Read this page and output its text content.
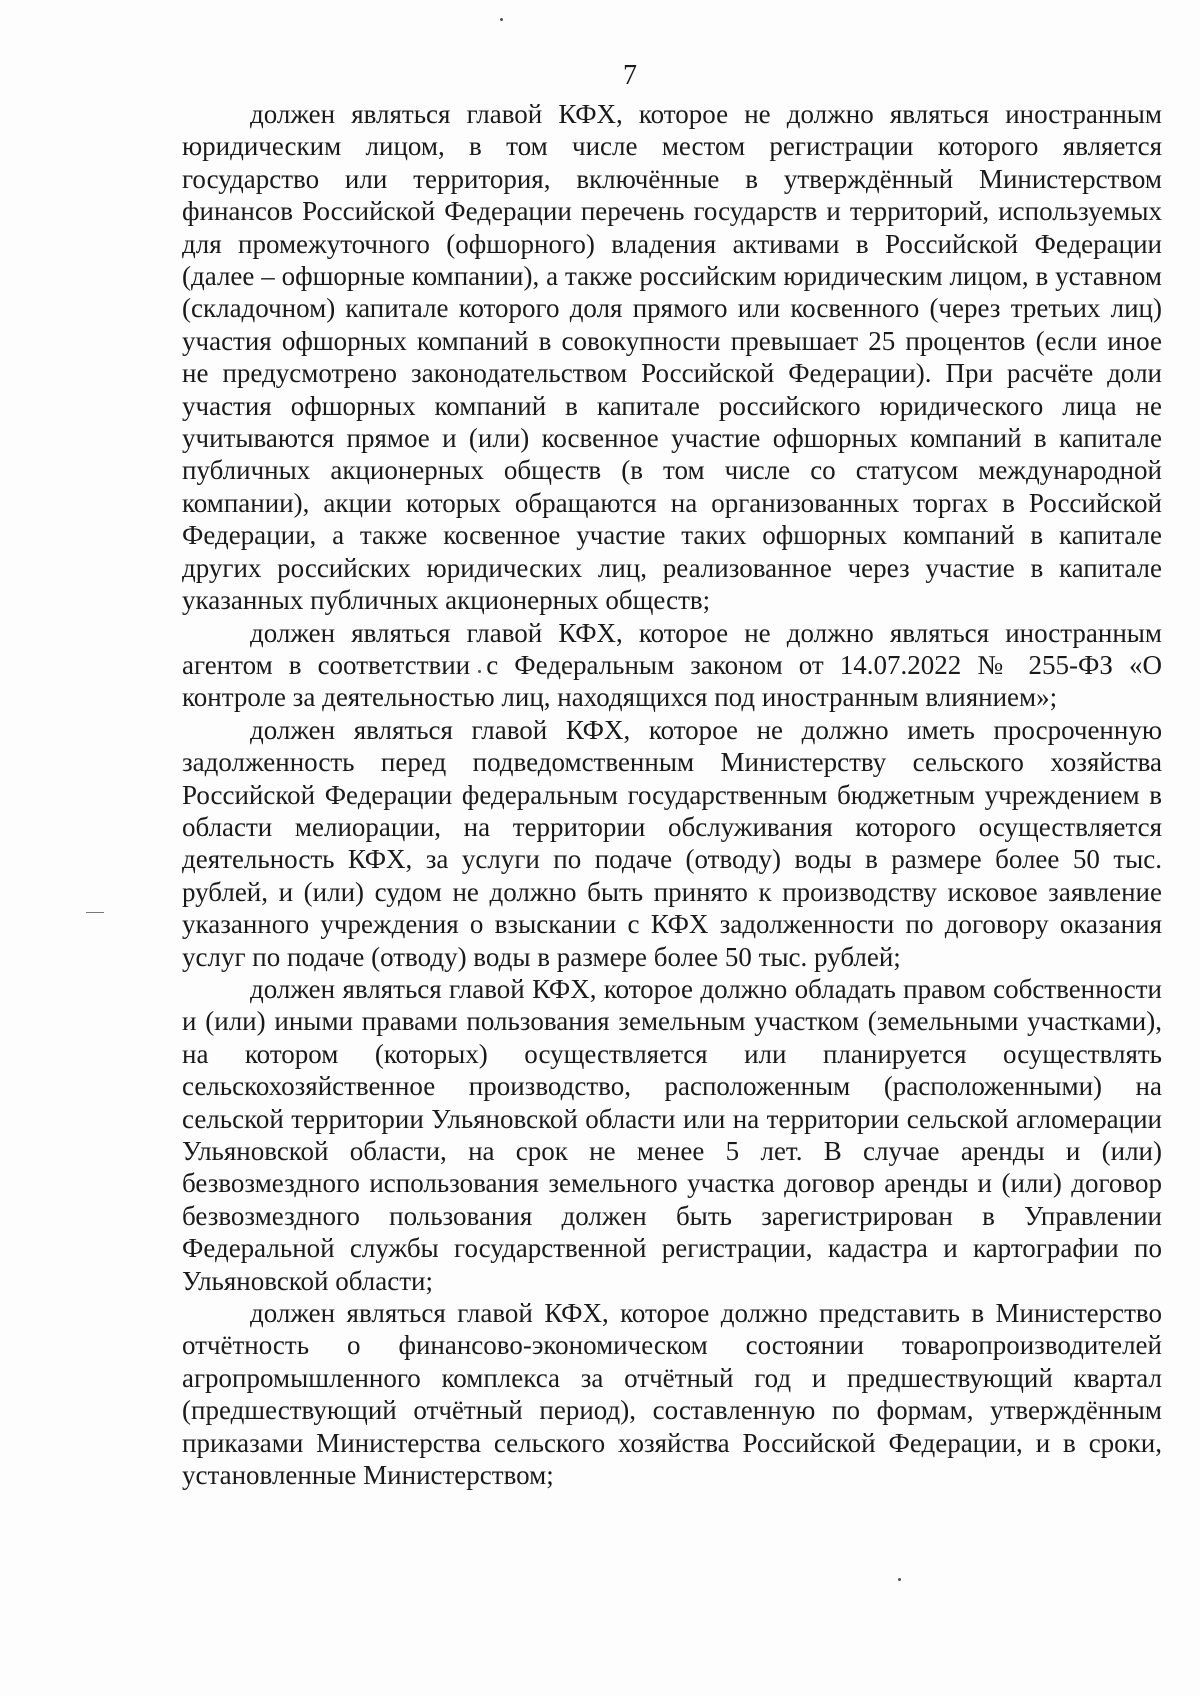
7

должен являться главой КФХ, которое не должно являться иностранным юридическим лицом, в том числе местом регистрации которого является государство или территория, включённые в утверждённый Министерством финансов Российской Федерации перечень государств и территорий, используемых для промежуточного (офшорного) владения активами в Российской Федерации (далее – офшорные компании), а также российским юридическим лицом, в уставном (складочном) капитале которого доля прямого или косвенного (через третьих лиц) участия офшорных компаний в совокупности превышает 25 процентов (если иное не предусмотрено законодательством Российской Федерации). При расчёте доли участия офшорных компаний в капитале российского юридического лица не учитываются прямое и (или) косвенное участие офшорных компаний в капитале публичных акционерных обществ (в том числе со статусом международной компании), акции которых обращаются на организованных торгах в Российской Федерации, а также косвенное участие таких офшорных компаний в капитале других российских юридических лиц, реализованное через участие в капитале указанных публичных акционерных обществ;

должен являться главой КФХ, которое не должно являться иностранным агентом в соответствии с Федеральным законом от 14.07.2022 № 255-ФЗ «О контроле за деятельностью лиц, находящихся под иностранным влиянием»;

должен являться главой КФХ, которое не должно иметь просроченную задолженность перед подведомственным Министерству сельского хозяйства Российской Федерации федеральным государственным бюджетным учреждением в области мелиорации, на территории обслуживания которого осуществляется деятельность КФХ, за услуги по подаче (отводу) воды в размере более 50 тыс. рублей, и (или) судом не должно быть принято к производству исковое заявление указанного учреждения о взыскании с КФХ задолженности по договору оказания услуг по подаче (отводу) воды в размере более 50 тыс. рублей;

должен являться главой КФХ, которое должно обладать правом собственности и (или) иными правами пользования земельным участком (земельными участками), на котором (которых) осуществляется или планируется осуществлять сельскохозяйственное производство, расположенным (расположенными) на сельской территории Ульяновской области или на территории сельской агломерации Ульяновской области, на срок не менее 5 лет. В случае аренды и (или) безвозмездного использования земельного участка договор аренды и (или) договор безвозмездного пользования должен быть зарегистрирован в Управлении Федеральной службы государственной регистрации, кадастра и картографии по Ульяновской области;

должен являться главой КФХ, которое должно представить в Министерство отчётность о финансово-экономическом состоянии товаропроизводителей агропромышленного комплекса за отчётный год и предшествующий квартал (предшествующий отчётный период), составленную по формам, утверждённым приказами Министерства сельского хозяйства Российской Федерации, и в сроки, установленные Министерством;
